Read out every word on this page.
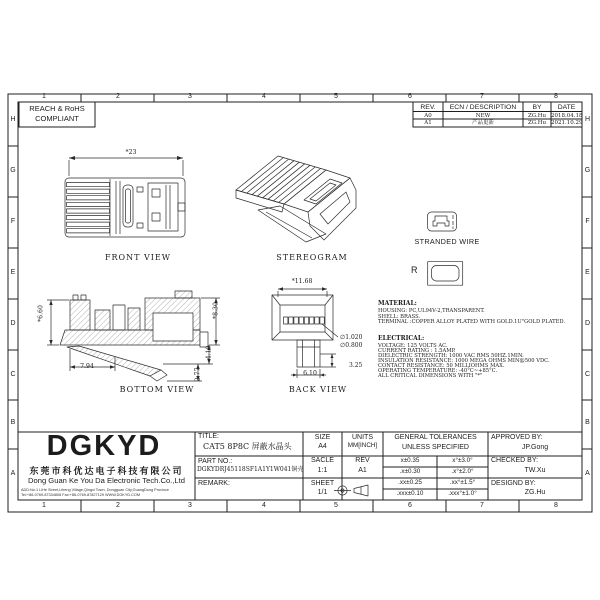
1	2	3	4	5	6	7	8
1	2	3	4	5	6	7	8
H
G
F
E
D
C
B
A
H
G
F
E
D
C
B
A
REACH & RoHS
COMPLIANT
REV.	ECN / DESCRIPTION	BY	DATE
A0	NEW	ZG.Hu 2018.04.18
A1	产品更新	ZG.Hu 2021.10.29
*23
FRONT VIEW	STEREOGRAM
STRANDED WIRE
R
*6.60	*8.30
4.10
2.77
7.94
BOTTOM VIEW
*11.68
∅1.020
∅0.800
3.25
6.10
BACK VIEW
MATERIAL:
HOUSING: PC,UL94V-2,TRANSPARENT.
SHELL: BRASS.
TERMINAL :COPPER ALLOY PLATED WITH GOLD.1U"GOLD PLATED.
ELECTRICAL:
VOLTAGE: 125 VOLTS AC.
CURRENT RATING : 1.5AMP.
DIELECTRIC STRENGTH: 1000 VAC RMS 50HZ.1MIN.
INSULATION RESISTANCE: 1000 MEGA OHMS MIN@500 VDC.
CONTACT RESISTANCE: 50 MILLIOHMS MAX.
OPERATING TEMPERATURE: -40°C~+85°C.
ALL CRITICAL DIMENSIONS WITH "*"
DGKYD
东莞市科优达电子科技有限公司
Dong Guan Ke You Da Electronic Tech.Co.,Ltd
ADD:No.1 LiHe Street,Liheng Village,Qingxi Town, Dongguan City,GuangDong Province
Tel:+86-0769-87334808 Fax:+86-0769-87827129 WWW.DGKYD.COM
TITLE:
CAT5 8P8C 屏蔽水晶头
PART NO.:
DGKYDRJ45118SF1A1Y1W041铜壳
REMARK:
SIZE
A4
SACLE
1:1
SHEET
1/1
UNITS
MM[INCH]
REV
A1
GENERAL TOLERANCES
UNLESS SPECIFIED
x±0.35	x°±3.0°
.x±0.30	.x°±2.0°
.xx±0.25	.xx°±1.5°
.xxx±0.10	.xxx°±1.0°
APPROVED BY:
JP.Gong
CHECKED BY:
TW.Xu
DESIGND BY:
ZG.Hu
